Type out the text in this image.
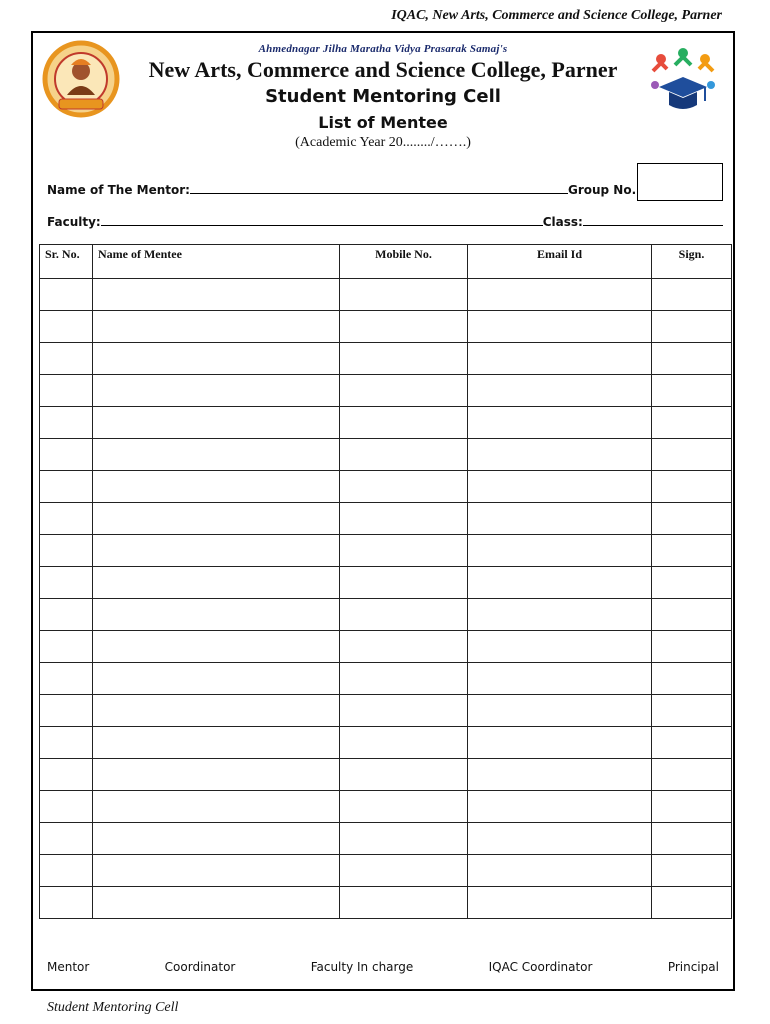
IQAC, New Arts, Commerce and Science College, Parner
Ahmednagar Jilha Maratha Vidya Prasarak Samaj's
New Arts, Commerce and Science College, Parner
Student Mentoring Cell
List of Mentee
(Academic Year 20......../…….)
Name of The Mentor:	Group No.
Faculty:	Class:
Sr. No.	Name of Mentee	Mobile No.	Email Id	Sign.

Mentor	Coordinator	Faculty In charge	IQAC Coordinator	Principal
Student Mentoring Cell
